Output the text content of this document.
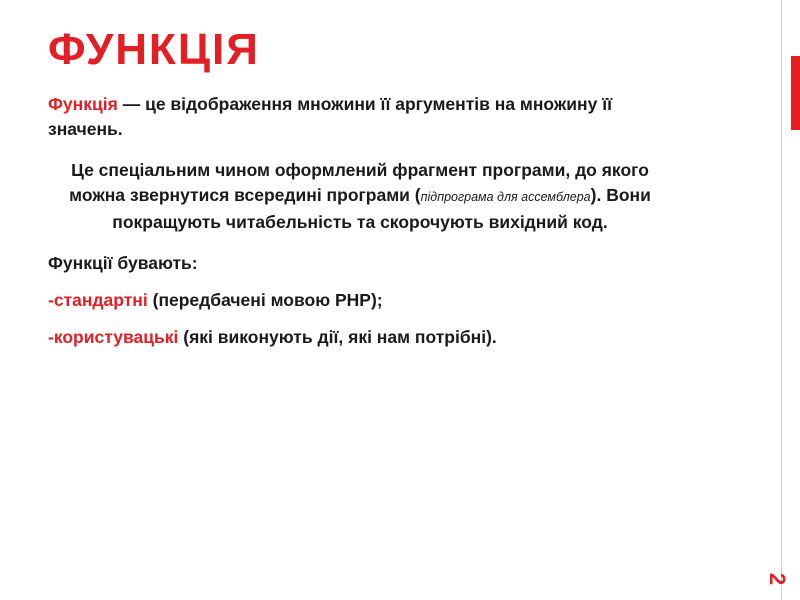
ФУНКЦІЯ
2

Функція — це відображення множини її аргументів на множину її значень.

Це спеціальним чином оформлений фрагмент програми, до якого можна звернутися всередині програми (підпрограма для ассемблера). Вони покращують читабельність та скорочують вихідний код.

Функції бувають:

-стандартні (передбачені мовою PHP);

-користувацькі (які виконують дії, які нам потрібні).
